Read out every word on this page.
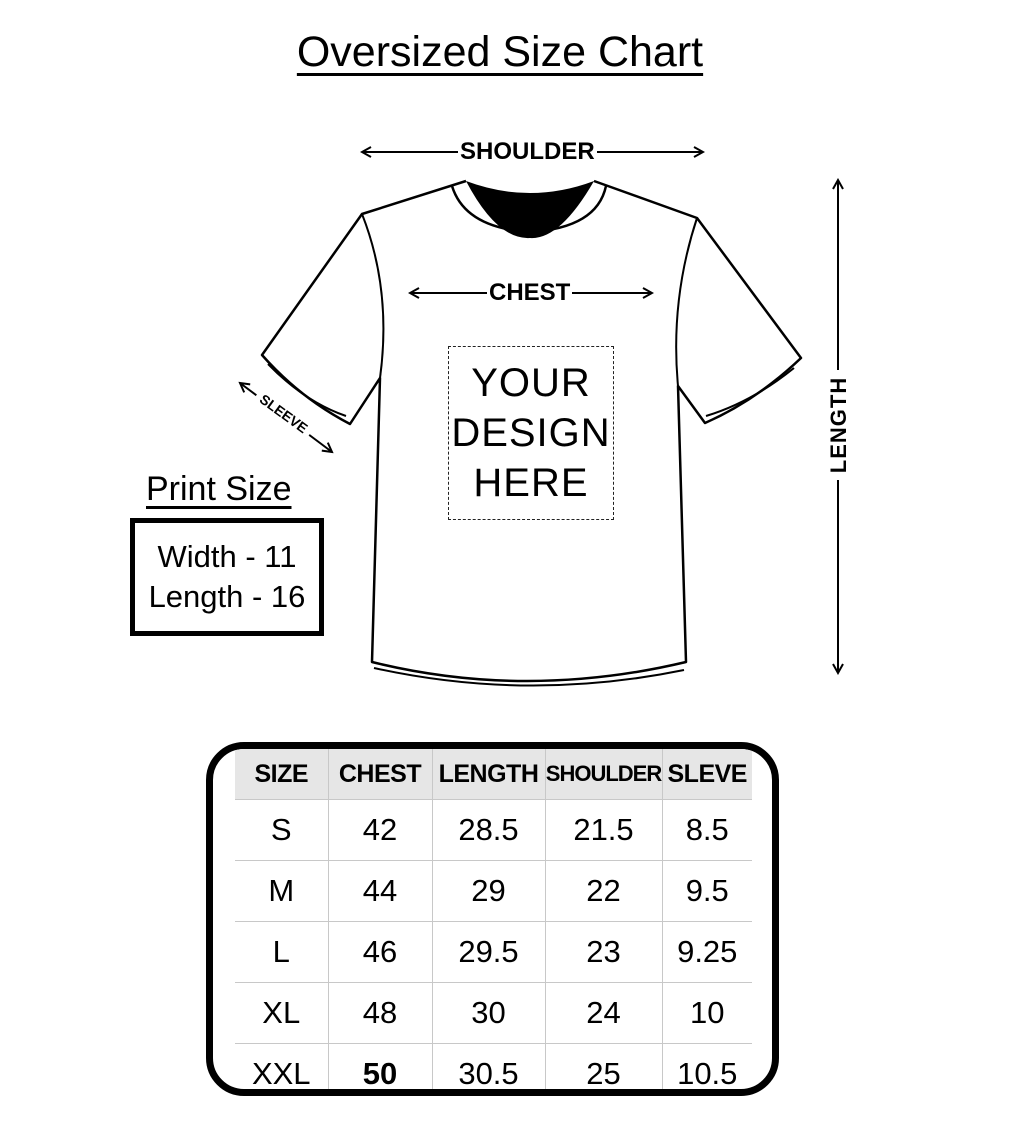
Oversized Size Chart
SLEEVE	LENGTH
SHOULDER
CHEST
YOUR
DESIGN
HERE
Print Size
Width - 11
Length - 16
SIZE	CHEST	LENGTH	SHOULDER	SLEVE
S	42	28.5	21.5	8.5
M	44	29	22	9.5
L	46	29.5	23	9.25
XL	48	30	24	10
XXL	50	30.5	25	10.5
